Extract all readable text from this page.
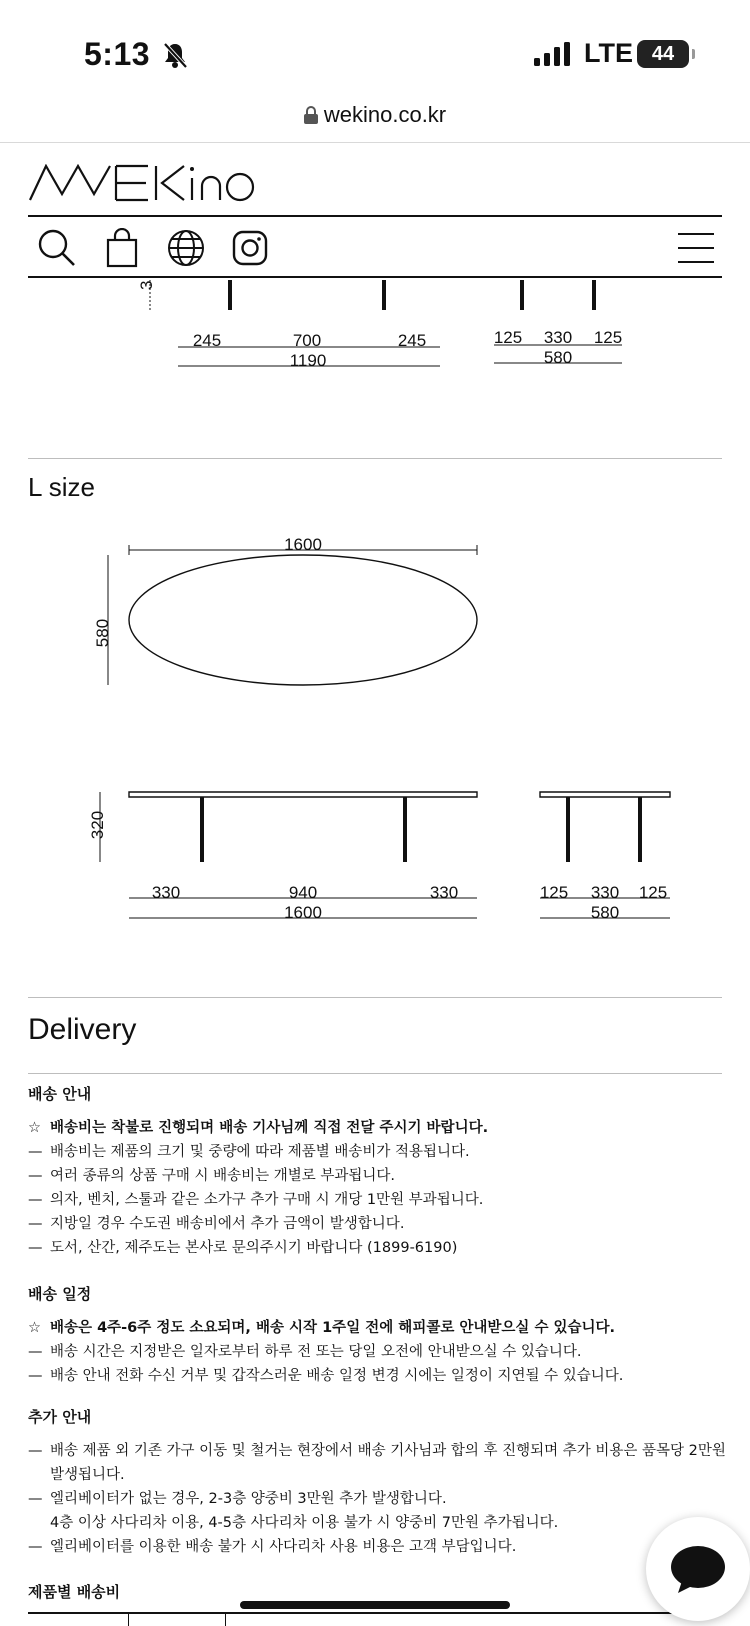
5:13	LTE 44
wekino.co.kr
3
245	700	245
1190
125 330 125
580
1600
580
320
330	940	330
1600
125 330 125
580
L size
Delivery
배송 안내
☆ 배송비는 착불로 진행되며 배송 기사님께 직접 전달 주시기 바랍니다.
— 배송비는 제품의 크기 및 중량에 따라 제품별 배송비가 적용됩니다.
— 여러 종류의 상품 구매 시 배송비는 개별로 부과됩니다.
— 의자, 벤치, 스툴과 같은 소가구 추가 구매 시 개당 1만원 부과됩니다.
— 지방일 경우 수도권 배송비에서 추가 금액이 발생합니다.
— 도서, 산간, 제주도는 본사로 문의주시기 바랍니다 (1899-6190)
배송 일정
☆ 배송은 4주-6주 정도 소요되며, 배송 시작 1주일 전에 해피콜로 안내받으실 수 있습니다.
— 배송 시간은 지정받은 일자로부터 하루 전 또는 당일 오전에 안내받으실 수 있습니다.
— 배송 안내 전화 수신 거부 및 갑작스러운 배송 일정 변경 시에는 일정이 지연될 수 있습니다.
추가 안내
— 배송 제품 외 기존 가구 이동 및 철거는 현장에서 배송 기사님과 합의 후 진행되며 추가 비용은 품목당 2만원 발생됩니다.
— 엘리베이터가 없는 경우, 2-3층 양중비 3만원 추가 발생합니다.
4층 이상 사다리차 이용, 4-5층 사다리차 이용 불가 시 양중비 7만원 추가됩니다.
— 엘리베이터를 이용한 배송 불가 시 사다리차 사용 비용은 고객 부담입니다.
제품별 배송비
